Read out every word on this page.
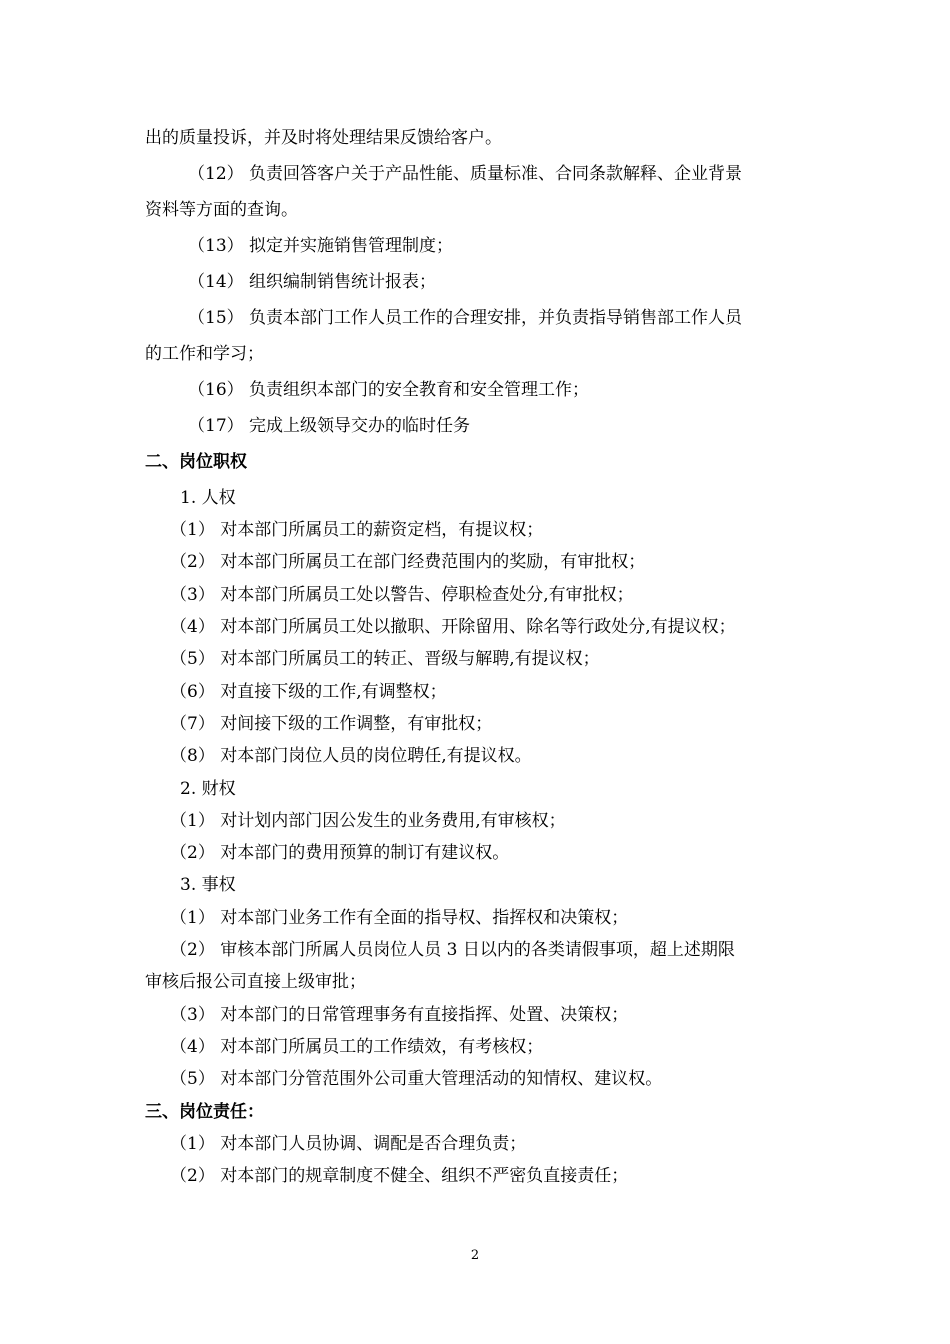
出的质量投诉，并及时将处理结果反馈给客户。
（12） 负责回答客户关于产品性能、质量标准、合同条款解释、企业背景
资料等方面的查询。
（13） 拟定并实施销售管理制度；
（14） 组织编制销售统计报表；
（15） 负责本部门工作人员工作的合理安排，并负责指导销售部工作人员
的工作和学习；
（16） 负责组织本部门的安全教育和安全管理工作；
（17） 完成上级领导交办的临时任务
二、岗位职权
1. 人权
（1） 对本部门所属员工的薪资定档，有提议权；
（2） 对本部门所属员工在部门经费范围内的奖励，有审批权；
（3） 对本部门所属员工处以警告、停职检查处分,有审批权；
（4） 对本部门所属员工处以撤职、开除留用、除名等行政处分,有提议权；
（5） 对本部门所属员工的转正、晋级与解聘,有提议权；
（6） 对直接下级的工作,有调整权；
（7） 对间接下级的工作调整，有审批权；
（8） 对本部门岗位人员的岗位聘任,有提议权。
2. 财权
（1） 对计划内部门因公发生的业务费用,有审核权；
（2） 对本部门的费用预算的制订有建议权。
3. 事权
（1） 对本部门业务工作有全面的指导权、指挥权和决策权；
（2） 审核本部门所属人员岗位人员 3 日以内的各类请假事项，超上述期限
审核后报公司直接上级审批；
（3） 对本部门的日常管理事务有直接指挥、处置、决策权；
（4） 对本部门所属员工的工作绩效，有考核权；
（5） 对本部门分管范围外公司重大管理活动的知情权、建议权。
三、岗位责任：
（1） 对本部门人员协调、调配是否合理负责；
（2） 对本部门的规章制度不健全、组织不严密负直接责任；
2
